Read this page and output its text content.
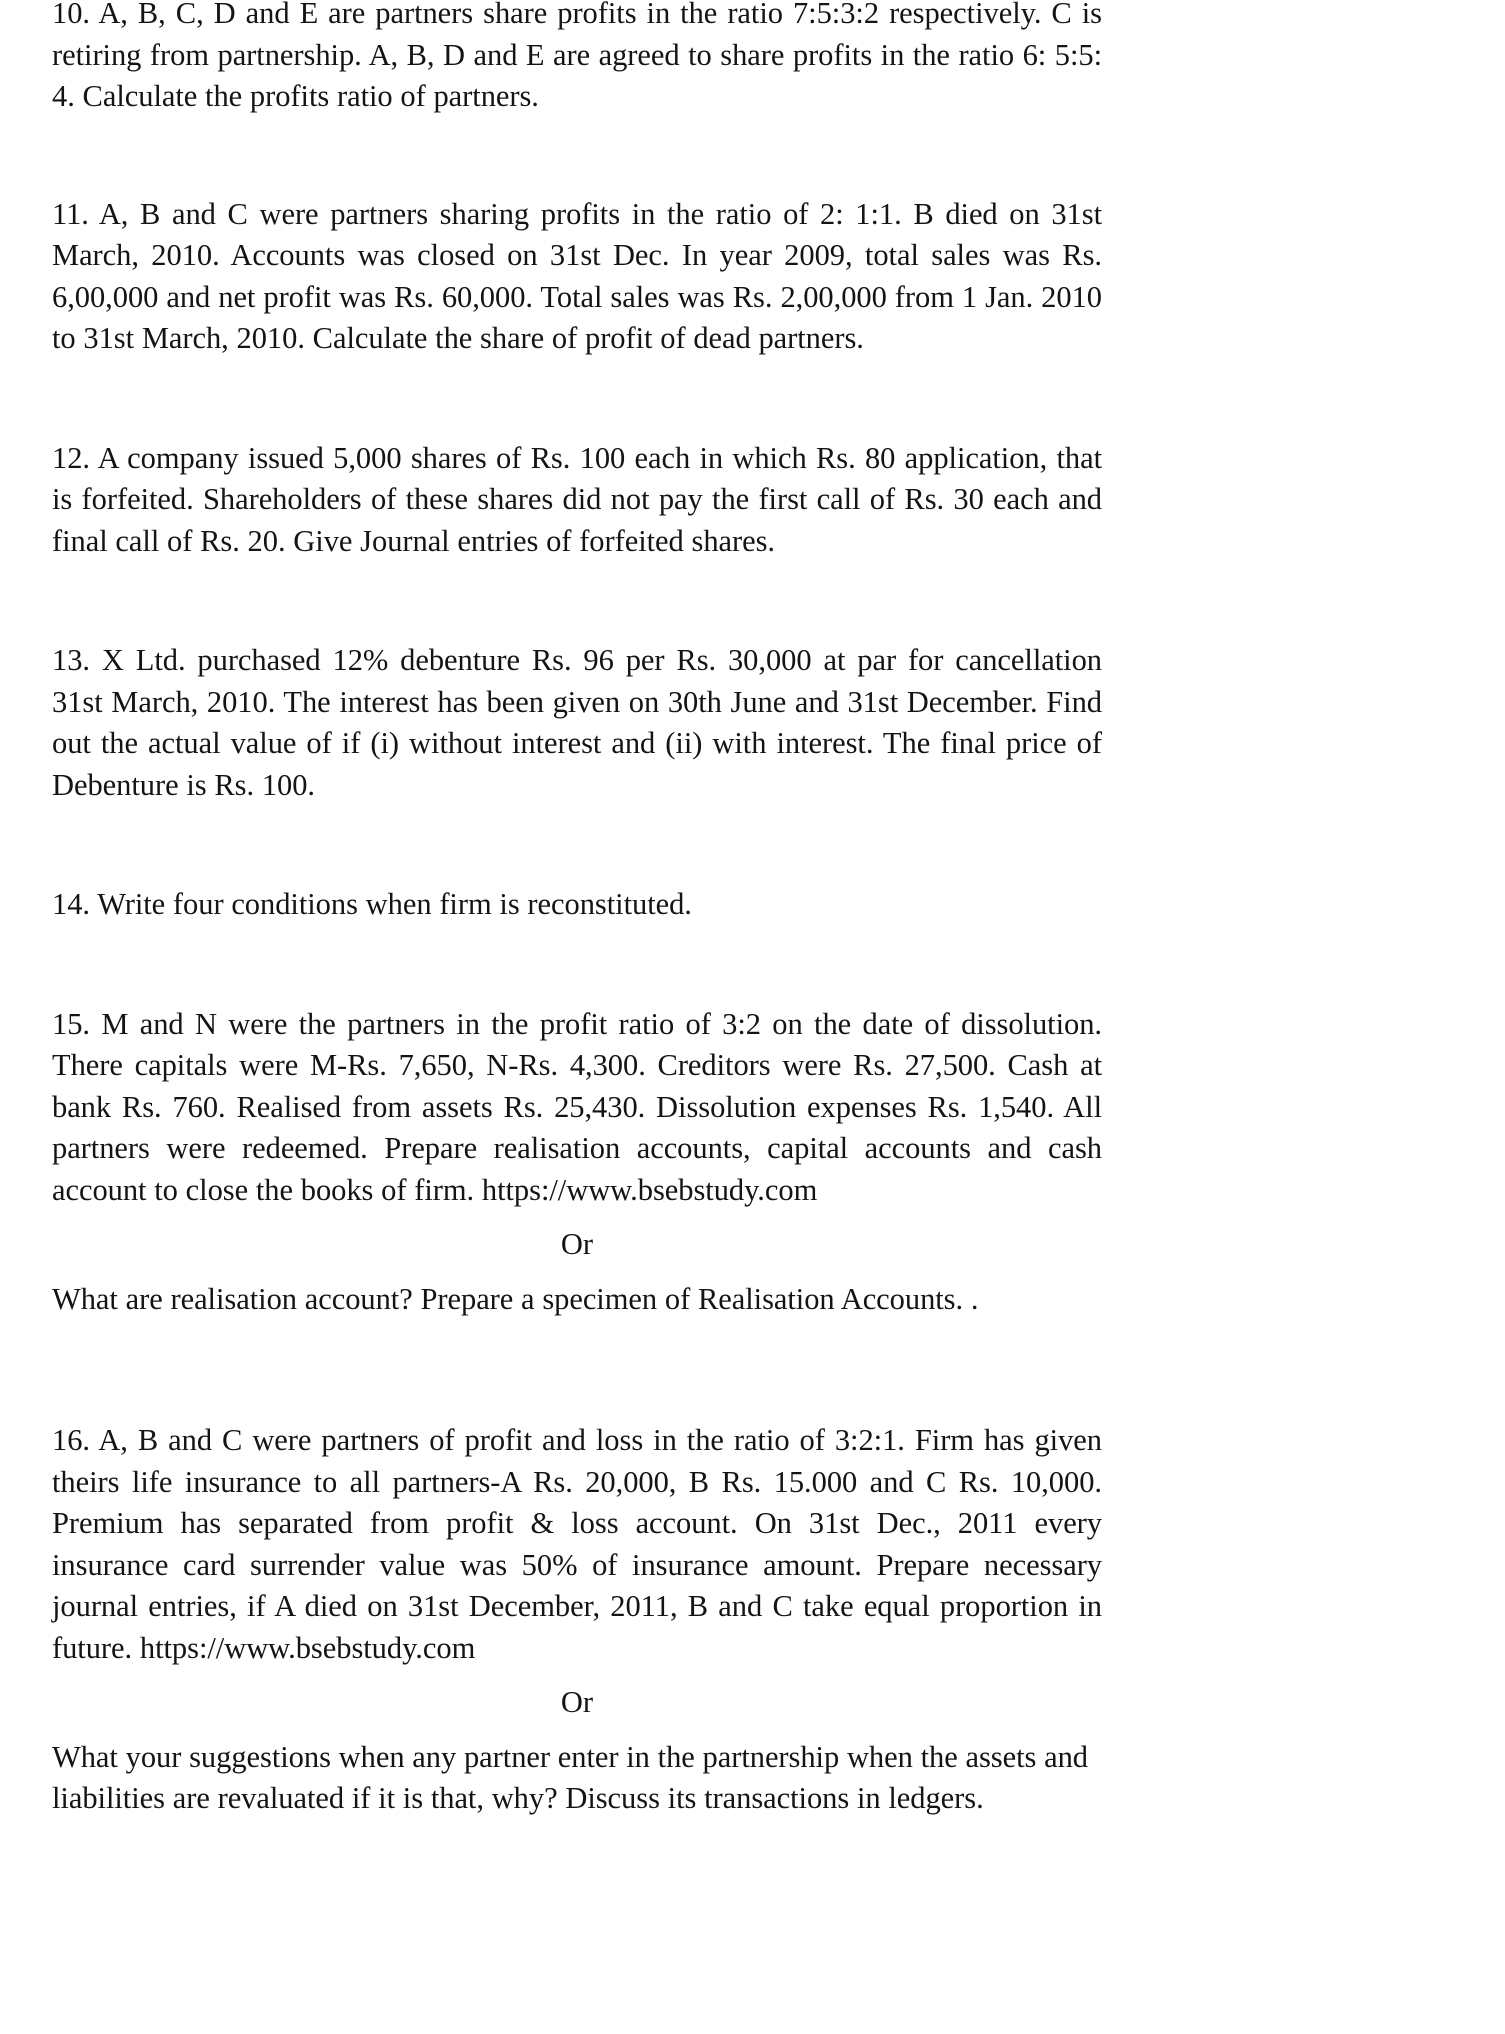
10. A, B, C, D and E are partners share profits in the ratio 7:5:3:2 respectively. C is retiring from partnership. A, B, D and E are agreed to share profits in the ratio 6: 5:5: 4. Calculate the profits ratio of partners.

11. A, B and C were partners sharing profits in the ratio of 2: 1:1. B died on 31st March, 2010. Accounts was closed on 31st Dec. In year 2009, total sales was Rs. 6,00,000 and net profit was Rs. 60,000. Total sales was Rs. 2,00,000 from 1 Jan. 2010 to 31st March, 2010. Calculate the share of profit of dead partners.

12. A company issued 5,000 shares of Rs. 100 each in which Rs. 80 application, that is forfeited. Shareholders of these shares did not pay the first call of Rs. 30 each and final call of Rs. 20. Give Journal entries of forfeited shares.

13. X Ltd. purchased 12% debenture Rs. 96 per Rs. 30,000 at par for cancellation 31st March, 2010. The interest has been given on 30th June and 31st December. Find out the actual value of if (i) without interest and (ii) with interest. The final price of Debenture is Rs. 100.

14. Write four conditions when firm is reconstituted.

15. M and N were the partners in the profit ratio of 3:2 on the date of dissolution. There capitals were M-Rs. 7,650, N-Rs. 4,300. Creditors were Rs. 27,500. Cash at bank Rs. 760. Realised from assets Rs. 25,430. Dissolution expenses Rs. 1,540. All partners were redeemed. Prepare realisation accounts, capital accounts and cash account to close the books of firm. https://www.bsebstudy.com

Or

What are realisation account? Prepare a specimen of Realisation Accounts. .

16. A, B and C were partners of profit and loss in the ratio of 3:2:1. Firm has given theirs life insurance to all partners-A Rs. 20,000, B Rs. 15.000 and C Rs. 10,000. Premium has separated from profit & loss account. On 31st Dec., 2011 every insurance card surrender value was 50% of insurance amount. Prepare necessary journal entries, if A died on 31st December, 2011, B and C take equal proportion in future. https://www.bsebstudy.com

Or

What your suggestions when any partner enter in the partnership when the assets and liabilities are revaluated if it is that, why? Discuss its transactions in ledgers.
